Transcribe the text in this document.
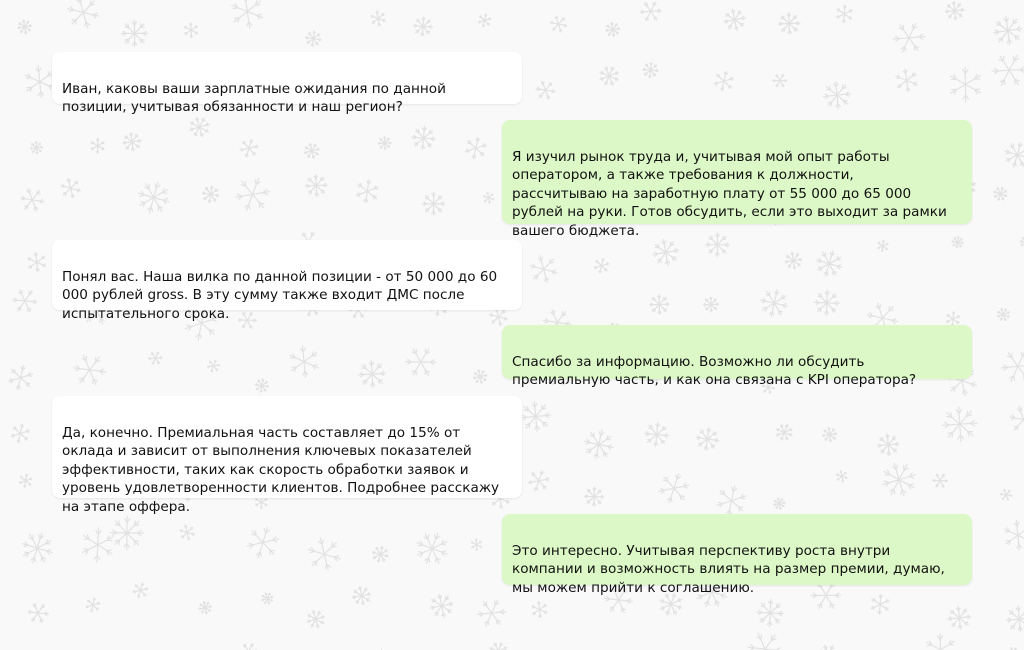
Иван, каковы ваши зарплатные ожидания по данной
позиции, учитывая обязанности и наш регион?

Я изучил рынок труда и, учитывая мой опыт работы
оператором, а также требования к должности,
рассчитываю на заработную плату от 55 000 до 65 000
рублей на руки. Готов обсудить, если это выходит за рамки
вашего бюджета.

Понял вас. Наша вилка по данной позиции - от 50 000 до 60
000 рублей gross. В эту сумму также входит ДМС после
испытательного срока.

Спасибо за информацию. Возможно ли обсудить
премиальную часть, и как она связана с KPI оператора?

Да, конечно. Премиальная часть составляет до 15% от
оклада и зависит от выполнения ключевых показателей
эффективности, таких как скорость обработки заявок и
уровень удовлетворенности клиентов. Подробнее расскажу
на этапе оффера.

Это интересно. Учитывая перспективу роста внутри
компании и возможность влиять на размер премии, думаю,
мы можем прийти к соглашению.
